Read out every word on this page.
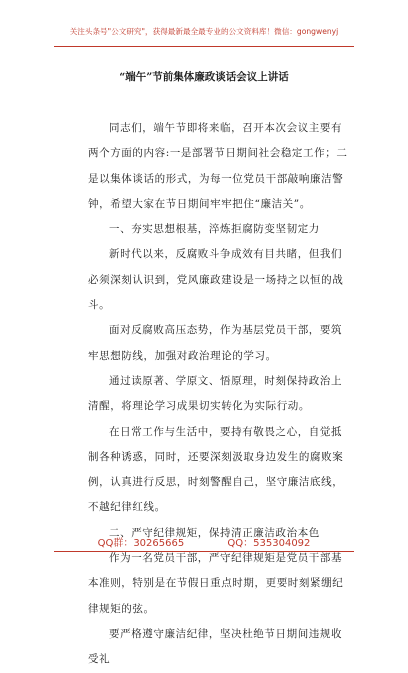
关注头条号"公文研究"，获得最新最全最专业的公文资料库！微信：gongwenyj
“端午”节前集体廉政谈话会议上讲话

同志们，端午节即将来临，召开本次会议主要有两个方面的内容:一是部署节日期间社会稳定工作；二是以集体谈话的形式，为每一位党员干部敲响廉洁警钟，希望大家在节日期间牢牢把住“廉洁关”。

一、夯实思想根基，淬炼拒腐防变坚韧定力

新时代以来，反腐败斗争成效有目共睹，但我们必须深刻认识到，党风廉政建设是一场持之以恒的战斗。

面对反腐败高压态势，作为基层党员干部，要筑牢思想防线，加强对政治理论的学习。

通过读原著、学原文、悟原理，时刻保持政治上清醒，将理论学习成果切实转化为实际行动。

在日常工作与生活中，要持有敬畏之心，自觉抵制各种诱惑，同时，还要深刻汲取身边发生的腐败案例，认真进行反思，时刻警醒自己，坚守廉洁底线，不越纪律红线。

二、严守纪律规矩，保持清正廉洁政治本色

作为一名党员干部，严守纪律规矩是党员干部基本准则，特别是在节假日重点时期，更要时刻紧绷纪律规矩的弦。

要严格遵守廉洁纪律，坚决杜绝节日期间违规收受礼

QQ群：30265665	QQ：535304092
